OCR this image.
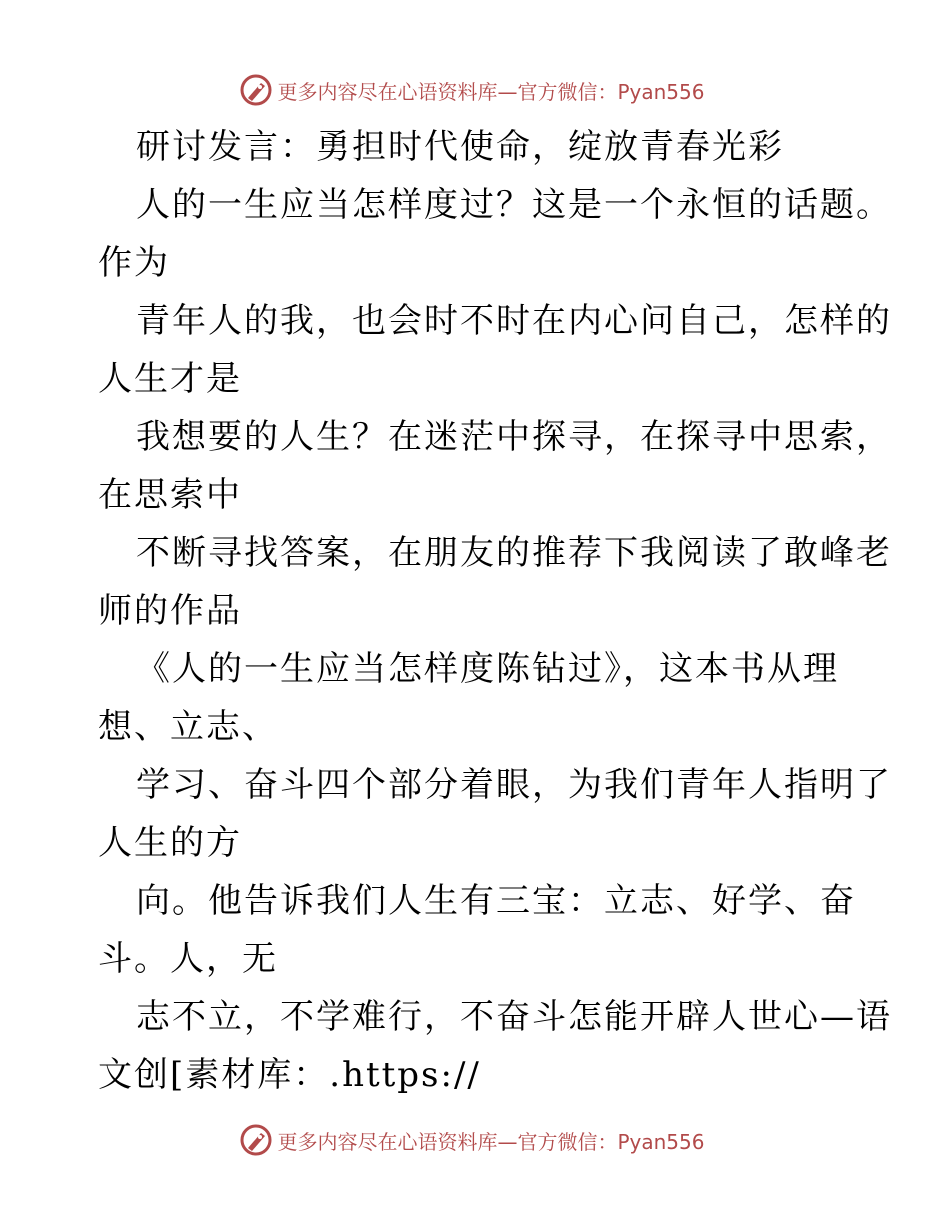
更多内容尽在心语资料库—官方微信：Pyan556
研讨发言：勇担时代使命，绽放青春光彩
人的一生应当怎样度过？这是一个永恒的话题。
作为
青年人的我，也会时不时在内心问自己，怎样的
人生才是
我想要的人生？在迷茫中探寻，在探寻中思索，
在思索中
不断寻找答案，在朋友的推荐下我阅读了敢峰老
师的作品
《人的一生应当怎样度陈钻过》，这本书从理
想、立志、
学习、奋斗四个部分着眼，为我们青年人指明了
人生的方
向。他告诉我们人生有三宝：立志、好学、奋
斗。人，无
志不立，不学难行，不奋斗怎能开辟人世心—语
文创[素材库：.https://
更多内容尽在心语资料库—官方微信：Pyan556
